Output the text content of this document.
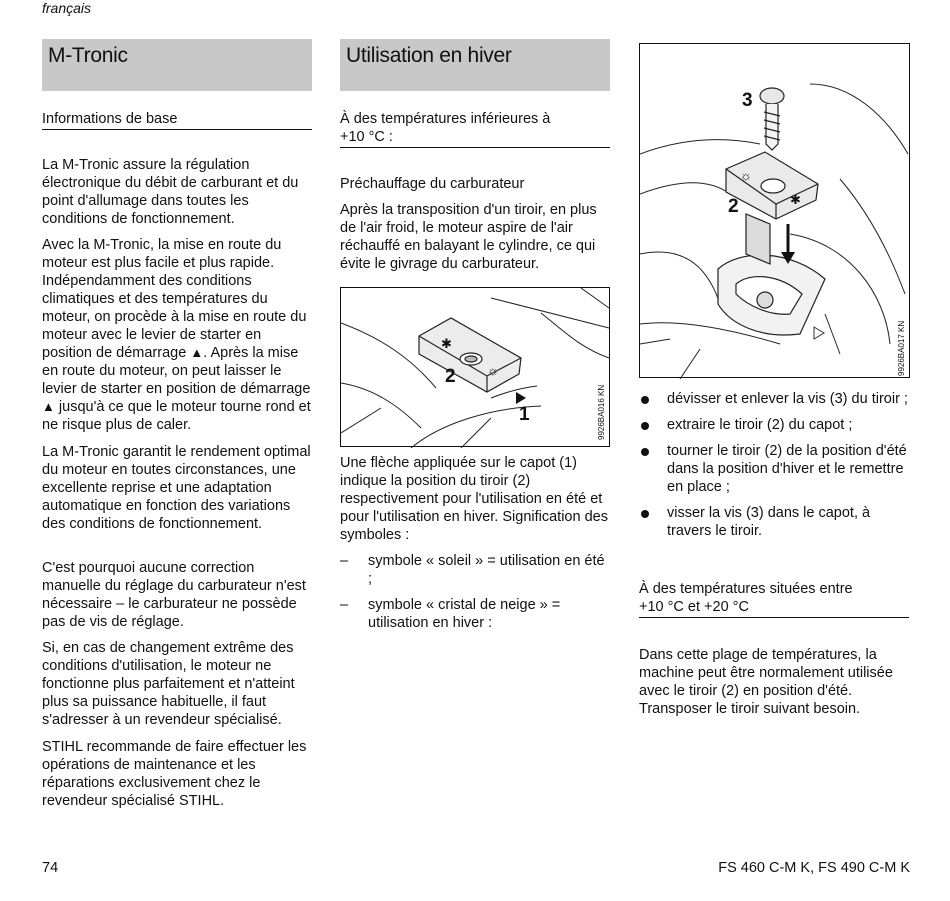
français
M-Tronic
Informations de base

La M-Tronic assure la régulation électronique du débit de carburant et du point d'allumage dans toutes les conditions de fonctionnement.

Avec la M-Tronic, la mise en route du moteur est plus facile et plus rapide. Indépendamment des conditions climatiques et des températures du moteur, on procède à la mise en route du moteur avec le levier de starter en position de démarrage ▲. Après la mise en route du moteur, on peut laisser le levier de starter en position de démarrage ▲ jusqu'à ce que le moteur tourne rond et ne risque plus de caler.

La M-Tronic garantit le rendement optimal du moteur en toutes circonstances, une excellente reprise et une adaptation automatique en fonction des variations des conditions de fonctionnement.

C'est pourquoi aucune correction manuelle du réglage du carburateur n'est nécessaire – le carburateur ne possède pas de vis de réglage.

Si, en cas de changement extrême des conditions d'utilisation, le moteur ne fonctionne plus parfaitement et n'atteint plus sa puissance habituelle, il faut s'adresser à un revendeur spécialisé.

STIHL recommande de faire effectuer les opérations de maintenance et les réparations exclusivement chez le revendeur spécialisé STIHL.

Utilisation en hiver
À des températures inférieures à
+10 °C :
Préchauffage du carburateur

Après la transposition d'un tiroir, en plus de l'air froid, le moteur aspire de l'air réchauffé en balayant le cylindre, ce qui évite le givrage du carburateur.

✱
☼
2
1	9926BA016 KN

Une flèche appliquée sur le capot (1) indique la position du tiroir (2) respectivement pour l'utilisation en été et pour l'utilisation en hiver. Signification des symboles :

– symbole « soleil » = utilisation en été ;
– symbole « cristal de neige » = utilisation en hiver :
☼
✱
3
2
9926BA017 KN
dévisser et enlever la vis (3) du tiroir ;
extraire le tiroir (2) du capot ;
tourner le tiroir (2) de la position d'été dans la position d'hiver et le remettre en place ;
visser la vis (3) dans le capot, à travers le tiroir.
À des températures situées entre
+10 °C et +20 °C

Dans cette plage de températures, la machine peut être normalement utilisée avec le tiroir (2) en position d'été. Transposer le tiroir suivant besoin.

74	FS 460 C-M K, FS 490 C-M K
